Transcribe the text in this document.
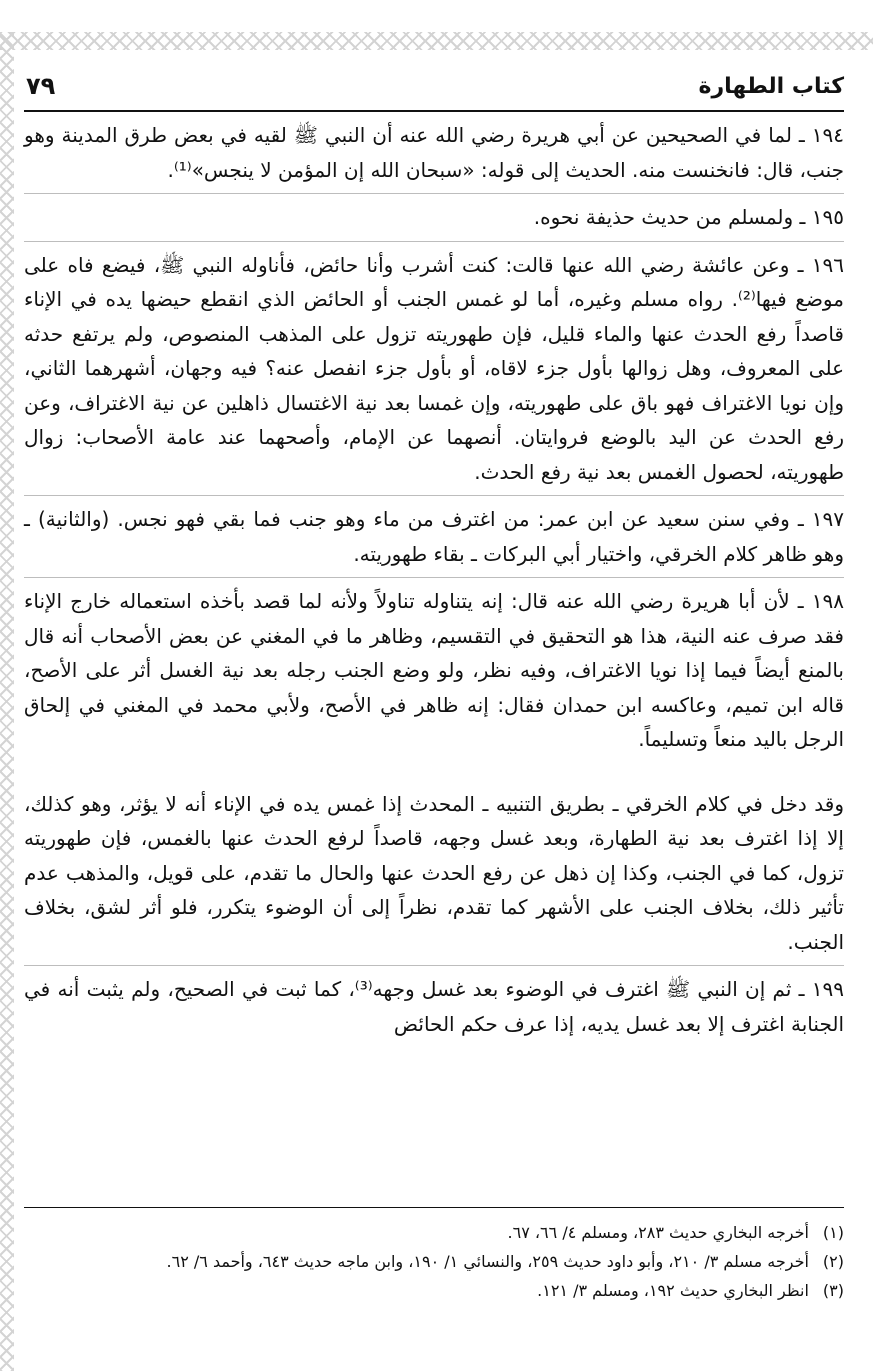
كتاب الطهارة
٧٩

١٩٤ ـ لما في الصحيحين عن أبي هريرة رضي الله عنه أن النبي ﷺ لقيه في بعض طرق المدينة وهو جنب، قال: فانخنست منه. الحديث إلى قوله: «سبحان الله إن المؤمن لا ينجس»⁽¹⁾.

١٩٥ ـ ولمسلم من حديث حذيفة نحوه.

١٩٦ ـ وعن عائشة رضي الله عنها قالت: كنت أشرب وأنا حائض، فأناوله النبي ﷺ، فيضع فاه على موضع فيها⁽²⁾. رواه مسلم وغيره، أما لو غمس الجنب أو الحائض الذي انقطع حيضها يده في الإناء قاصداً رفع الحدث عنها والماء قليل، فإن طهوريته تزول على المذهب المنصوص، ولم يرتفع حدثه على المعروف، وهل زوالها بأول جزء لاقاه، أو بأول جزء انفصل عنه؟ فيه وجهان، أشهرهما الثاني، وإن نويا الاغتراف فهو باق على طهوريته، وإن غمسا بعد نية الاغتسال ذاهلين عن نية الاغتراف، وعن رفع الحدث عن اليد بالوضع فروايتان. أنصهما عن الإمام، وأصحهما عند عامة الأصحاب: زوال طهوريته، لحصول الغمس بعد نية رفع الحدث.

١٩٧ ـ وفي سنن سعيد عن ابن عمر: من اغترف من ماء وهو جنب فما بقي فهو نجس. (والثانية) ـ وهو ظاهر كلام الخرقي، واختيار أبي البركات ـ بقاء طهوريته.

١٩٨ ـ لأن أبا هريرة رضي الله عنه قال: إنه يتناوله تناولاً ولأنه لما قصد بأخذه استعماله خارج الإناء فقد صرف عنه النية، هذا هو التحقيق في التقسيم، وظاهر ما في المغني عن بعض الأصحاب أنه قال بالمنع أيضاً فيما إذا نويا الاغتراف، وفيه نظر، ولو وضع الجنب رجله بعد نية الغسل أثر على الأصح، قاله ابن تميم، وعاكسه ابن حمدان فقال: إنه ظاهر في الأصح، ولأبي محمد في المغني في إلحاق الرجل باليد منعاً وتسليماً.

وقد دخل في كلام الخرقي ـ بطريق التنبيه ـ المحدث إذا غمس يده في الإناء أنه لا يؤثر، وهو كذلك، إلا إذا اغترف بعد نية الطهارة، وبعد غسل وجهه، قاصداً لرفع الحدث عنها بالغمس، فإن طهوريته تزول، كما في الجنب، وكذا إن ذهل عن رفع الحدث عنها والحال ما تقدم، على قويل، والمذهب عدم تأثير ذلك، بخلاف الجنب على الأشهر كما تقدم، نظراً إلى أن الوضوء يتكرر، فلو أثر لشق، بخلاف الجنب.

١٩٩ ـ ثم إن النبي ﷺ اغترف في الوضوء بعد غسل وجهه⁽³⁾، كما ثبت في الصحيح، ولم يثبت أنه في الجنابة اغترف إلا بعد غسل يديه، إذا عرف حكم الحائض

(١)
أخرجه البخاري حديث ٢٨٣، ومسلم ٤/ ٦٦، ٦٧.
(٢)
أخرجه مسلم ٣/ ٢١٠، وأبو داود حديث ٢٥٩، والنسائي ١/ ١٩٠، وابن ماجه حديث ٦٤٣، وأحمد ٦/ ٦٢.
(٣)
انظر البخاري حديث ١٩٢، ومسلم ٣/ ١٢١.
